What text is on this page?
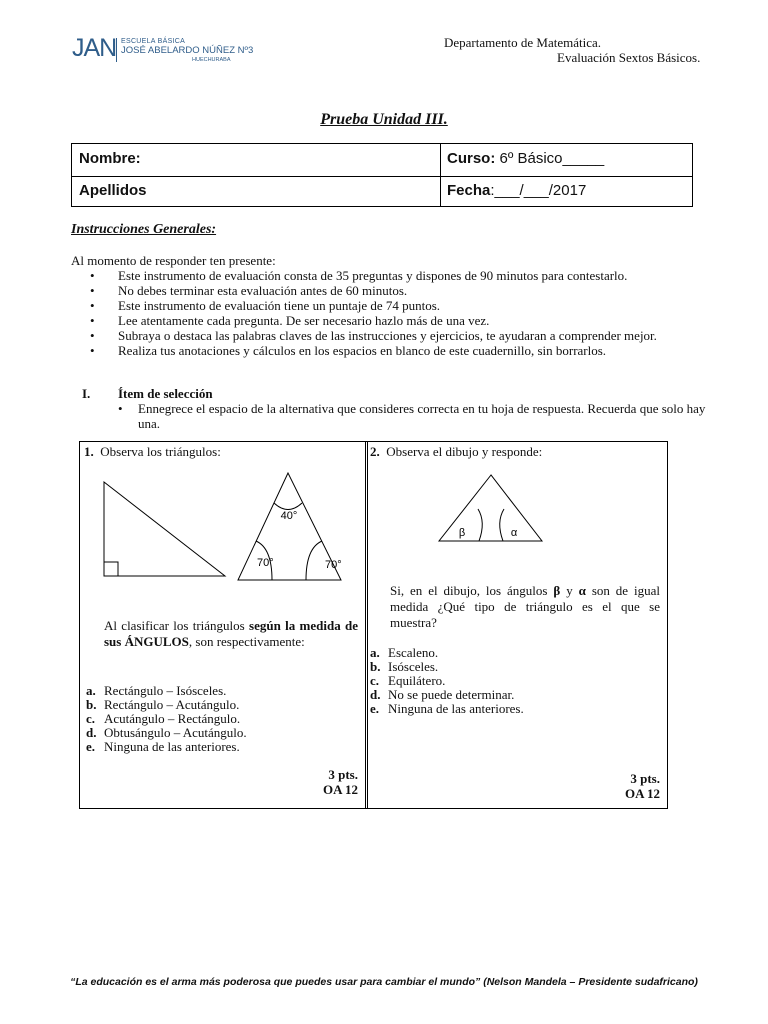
JAN ESCUELA BÁSICA
JOSÉ ABELARDO NÚÑEZ Nº3
HUECHURABA
Departamento de Matemática.
Evaluación Sextos Básicos.
Prueba Unidad III.
Nombre:	Curso: 6º Básico_____
Apellidos	Fecha:___/___/2017
Instrucciones Generales:
Al momento de responder ten presente:
• Este instrumento de evaluación consta de 35 preguntas y dispones de 90 minutos para contestarlo.
• No debes terminar esta evaluación antes de 60 minutos.
• Este instrumento de evaluación tiene un puntaje de 74 puntos.
• Lee atentamente cada pregunta. De ser necesario hazlo más de una vez.
• Subraya o destaca las palabras claves de las instrucciones y ejercicios, te ayudaran a comprender mejor.
• Realiza tus anotaciones y cálculos en los espacios en blanco de este cuadernillo, sin borrarlos.
I. Ítem de selección
• Ennegrece el espacio de la alternativa que consideres correcta en tu hoja de respuesta. Recuerda que solo hay una.
1. Observa los triángulos:
40°
70°	70°
Al clasificar los triángulos según la medida de sus ÁNGULOS, son respectivamente:
a. Rectángulo – Isósceles.
b. Rectángulo – Acutángulo.
c. Acutángulo – Rectángulo.
d. Obtusángulo – Acutángulo.
e. Ninguna de las anteriores.
3 pts.
OA 12
2. Observa el dibujo y responde:
β	α
Si, en el dibujo, los ángulos β y α son de igual medida ¿Qué tipo de triángulo es el que se muestra?
a. Escaleno.
b. Isósceles.
c. Equilátero.
d. No se puede determinar.
e. Ninguna de las anteriores.
3 pts.
OA 12
“La educación es el arma más poderosa que puedes usar para cambiar el mundo” (Nelson Mandela – Presidente sudafricano)
